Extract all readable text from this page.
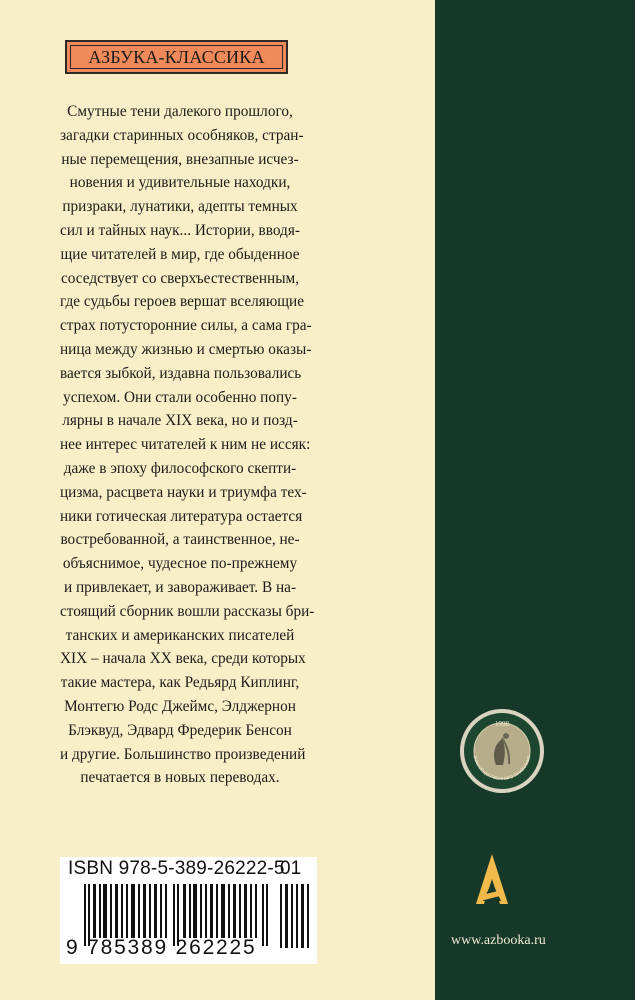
АЗБУКА-КЛАССИКА
Смутные тени далекого прошлого,
загадки старинных особняков, стран-
ные перемещения, внезапные исчез-
новения и удивительные находки,
призраки, лунатики, адепты темных
сил и тайных наук... Истории, вводя-
щие читателей в мир, где обыденное
соседствует со сверхъестественным,
где судьбы героев вершат вселяющие
страх потусторонние силы, а сама гра-
ница между жизнью и смертью оказы-
вается зыбкой, издавна пользовались
успехом. Они стали особенно попу-
лярны в начале XIX века, но и позд-
нее интерес читателей к ним не иссяк:
даже в эпоху философского скепти-
цизма, расцвета науки и триумфа тех-
ники готическая литература остается
востребованной, а таинственное, не-
объяснимое, чудесное по-прежнему
и привлекает, и завораживает. В на-
стоящий сборник вошли рассказы бри-
танских и американских писателей
XIX – начала XX века, среди которых
такие мастера, как Редьярд Киплинг,
Монтегю Родс Джеймс, Элджернон
Блэквуд, Эдвард Фредерик Бенсон
и другие. Большинство произведений
печатается в новых переводах.
ISBN 978-5-389-26222-5
01
9 785389 262225
1998
ЗНАК ОБЩЕСТВЕННОГО ПРИЗНАНИЯ
www.azbooka.ru
